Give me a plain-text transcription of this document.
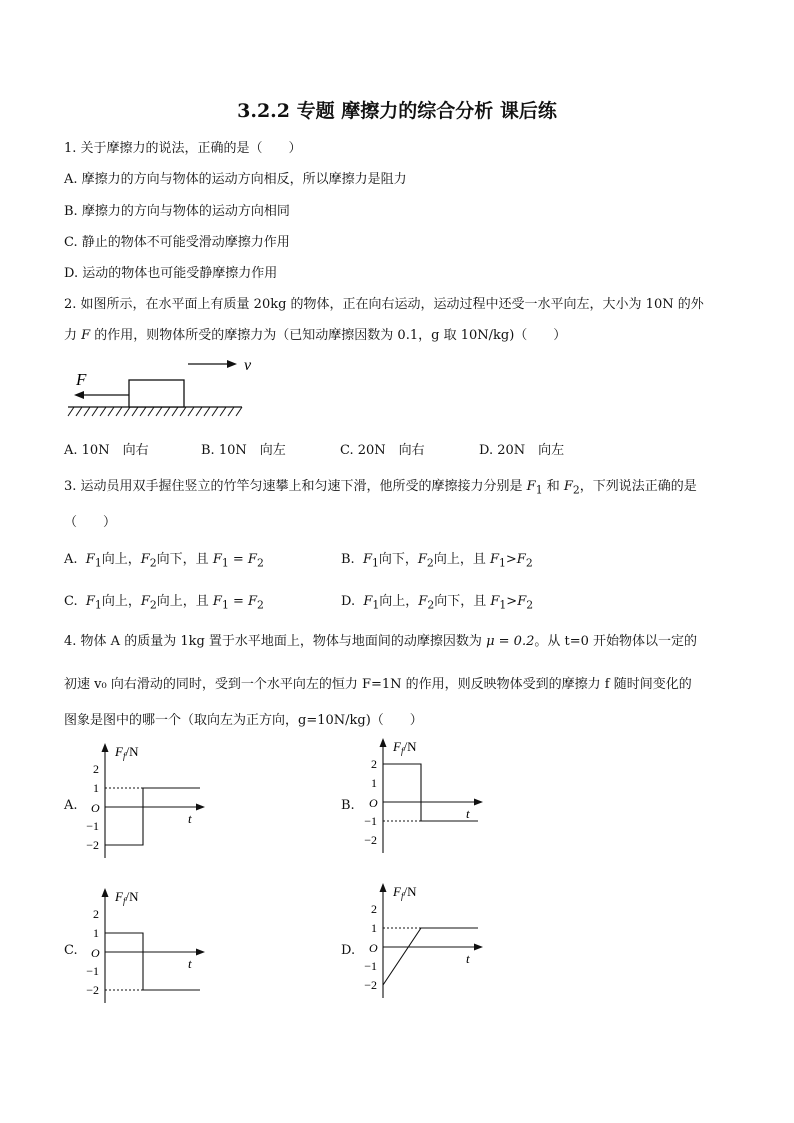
3.2.2 专题 摩擦力的综合分析 课后练
1. 关于摩擦力的说法，正确的是（　　）
A. 摩擦力的方向与物体的运动方向相反，所以摩擦力是阻力
B. 摩擦力的方向与物体的运动方向相同
C. 静止的物体不可能受滑动摩擦力作用
D. 运动的物体也可能受静摩擦力作用
2. 如图所示，在水平面上有质量 20kg 的物体，正在向右运动，运动过程中还受一水平向左，大小为 10N 的外
力 F 的作用，则物体所受的摩擦力为（已知动摩擦因数为 0.1，g 取 10N/kg)（　　）
F
v
A. 10N　向右	B. 10N　向左	C. 20N　向右	D. 20N　向左
3. 运动员用双手握住竖立的竹竿匀速攀上和匀速下滑，他所受的摩擦接力分别是 $F_1$ 和 $F_2$，下列说法正确的是
（　　）
A. $F_1$向上，$F_2$向下，且 $F_1 = F_2$	B. $F_1$向下，$F_2$向上，且 $F_1>F_2$
C. $F_1$向上，$F_2$向上，且 $F_1 = F_2$	D. $F_1$向上，$F_2$向下，且 $F_1>F_2$
4. 物体 A 的质量为 1kg 置于水平地面上，物体与地面间的动摩擦因数为 μ = 0.2。从 t=0 开始物体以一定的
初速 v₀ 向右滑动的同时，受到一个水平向左的恒力 F=1N 的作用，则反映物体受到的摩擦力 f 随时间变化的
图象是图中的哪一个（取向左为正方向，g=10N/kg)（　　）
A.	B.
C.	D.
$F_f/N$
t
O
2
1
−1
−2
$F_f/N$
t
O
2
1
−1
−2
$F_f/N$
t
O
2
1
−1
−2
$F_f/N$
t
O
2
1
−1
−2
